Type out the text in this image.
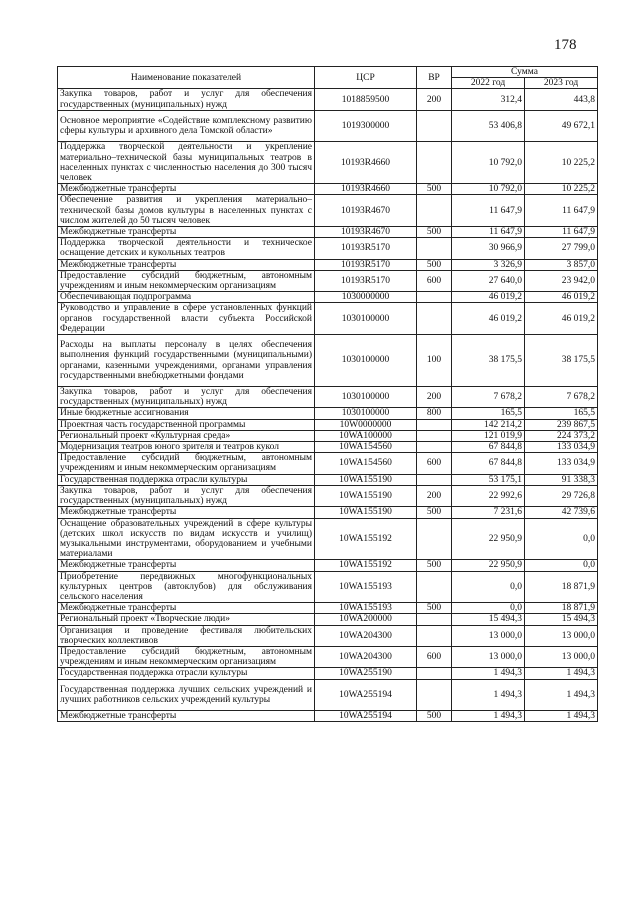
178
Наименование показателей	ЦСР	ВР	Сумма	
			2022 год	2023 год
Закупка товаров, работ и услуг для обеспечения государственных (муниципальных) нужд	1018859500	200	312,4	443,8
Основное мероприятие «Содействие комплексному развитию сферы культуры и архивного дела Томской области»	1019300000		53 406,8	49 672,1
Поддержка творческой деятельности и укрепление материально–технической базы муниципальных театров в населенных пунктах с численностью населения до 300 тысяч человек	10193R4660		10 792,0	10 225,2
Межбюджетные трансферты	10193R4660	500	10 792,0	10 225,2
Обеспечение развития и укрепления материально–технической базы домов культуры в населенных пунктах с числом жителей до 50 тысяч человек	10193R4670		11 647,9	11 647,9
Межбюджетные трансферты	10193R4670	500	11 647,9	11 647,9
Поддержка творческой деятельности и техническое оснащение детских и кукольных театров	10193R5170		30 966,9	27 799,0
Межбюджетные трансферты	10193R5170	500	3 326,9	3 857,0
Предоставление субсидий бюджетным, автономным учреждениям и иным некоммерческим организациям	10193R5170	600	27 640,0	23 942,0
Обеспечивающая подпрограмма	1030000000		46 019,2	46 019,2
Руководство и управление в сфере установленных функций органов государственной власти субъекта Российской Федерации	1030100000		46 019,2	46 019,2
Расходы на выплаты персоналу в целях обеспечения выполнения функций государственными (муниципальными) органами, казенными учреждениями, органами управления государственными внебюджетными фондами	1030100000	100	38 175,5	38 175,5
Закупка товаров, работ и услуг для обеспечения государственных (муниципальных) нужд	1030100000	200	7 678,2	7 678,2
Иные бюджетные ассигнования	1030100000	800	165,5	165,5
Проектная часть государственной программы	10W0000000		142 214,2	239 867,5
Региональный проект «Культурная среда»	10WA100000		121 019,9	224 373,2
Модернизация театров юного зрителя и театров кукол	10WA154560		67 844,8	133 034,9
Предоставление субсидий бюджетным, автономным учреждениям и иным некоммерческим организациям	10WA154560	600	67 844,8	133 034,9
Государственная поддержка отрасли культуры	10WA155190		53 175,1	91 338,3
Закупка товаров, работ и услуг для обеспечения государственных (муниципальных) нужд	10WA155190	200	22 992,6	29 726,8
Межбюджетные трансферты	10WA155190	500	7 231,6	42 739,6
Оснащение образовательных учреждений в сфере культуры (детских школ искусств по видам искусств и училищ) музыкальными инструментами, оборудованием и учебными материалами	10WA155192		22 950,9	0,0
Межбюджетные трансферты	10WA155192	500	22 950,9	0,0
Приобретение передвижных многофункциональных культурных центров (автоклубов) для обслуживания сельского населения	10WA155193		0,0	18 871,9
Межбюджетные трансферты	10WA155193	500	0,0	18 871,9
Региональный проект «Творческие люди»	10WA200000		15 494,3	15 494,3
Организация и проведение фестиваля любительских творческих коллективов	10WA204300		13 000,0	13 000,0
Предоставление субсидий бюджетным, автономным учреждениям и иным некоммерческим организациям	10WA204300	600	13 000,0	13 000,0
Государственная поддержка отрасли культуры	10WA255190		1 494,3	1 494,3
Государственная поддержка лучших сельских учреждений и лучших работников сельских учреждений культуры	10WA255194		1 494,3	1 494,3
Межбюджетные трансферты	10WA255194	500	1 494,3	1 494,3
